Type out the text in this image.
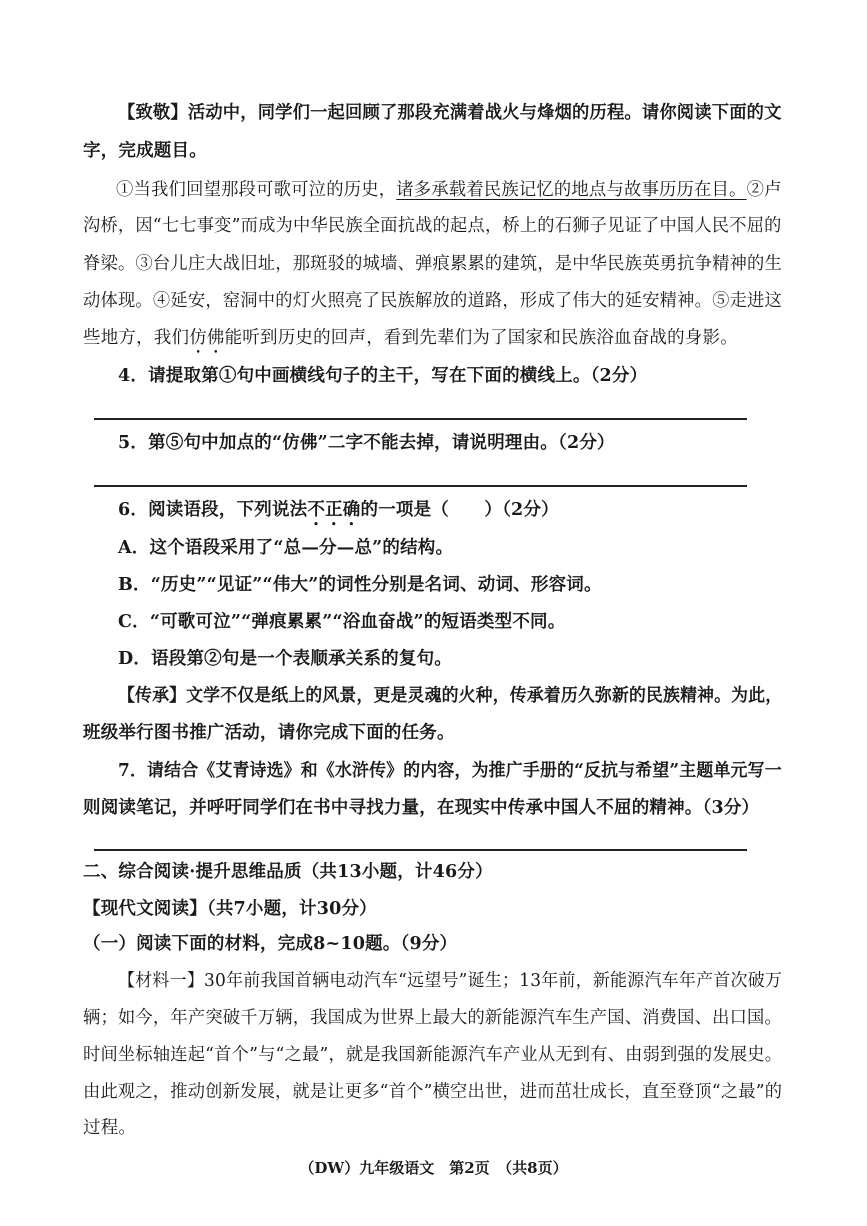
【致敬】活动中，同学们一起回顾了那段充满着战火与烽烟的历程。请你阅读下面的文
字，完成题目。
①当我们回望那段可歌可泣的历史，诸多承载着民族记忆的地点与故事历历在目。②卢
沟桥，因“七七事变”而成为中华民族全面抗战的起点，桥上的石狮子见证了中国人民不屈的
脊梁。③台儿庄大战旧址，那斑驳的城墙、弹痕累累的建筑，是中华民族英勇抗争精神的生
动体现。④延安，窑洞中的灯火照亮了民族解放的道路，形成了伟大的延安精神。⑤走进这
些地方，我们仿佛能听到历史的回声，看到先辈们为了国家和民族浴血奋战的身影。
4．请提取第①句中画横线句子的主干，写在下面的横线上。（2分）
5．第⑤句中加点的“仿佛”二字不能去掉，请说明理由。（2分）
6．阅读语段，下列说法不正确的一项是（　　）（2分）
A．这个语段采用了“总—分—总”的结构。
B．“历史”“见证”“伟大”的词性分别是名词、动词、形容词。
C．“可歌可泣”“弹痕累累”“浴血奋战”的短语类型不同。
D．语段第②句是一个表顺承关系的复句。
【传承】文学不仅是纸上的风景，更是灵魂的火种，传承着历久弥新的民族精神。为此，
班级举行图书推广活动，请你完成下面的任务。
7．请结合《艾青诗选》和《水浒传》的内容，为推广手册的“反抗与希望”主题单元写一
则阅读笔记，并呼吁同学们在书中寻找力量，在现实中传承中国人不屈的精神。（3分）
二、综合阅读·提升思维品质（共13小题，计46分）
【现代文阅读】（共7小题，计30分）
（一）阅读下面的材料，完成8~10题。（9分）
【材料一】30年前我国首辆电动汽车“远望号”诞生；13年前，新能源汽车年产首次破万
辆；如今，年产突破千万辆，我国成为世界上最大的新能源汽车生产国、消费国、出口国。
时间坐标轴连起“首个”与“之最”，就是我国新能源汽车产业从无到有、由弱到强的发展史。
由此观之，推动创新发展，就是让更多“首个”横空出世，进而茁壮成长，直至登顶“之最”的
过程。
（DW）九年级语文　第2页　（共8页）
